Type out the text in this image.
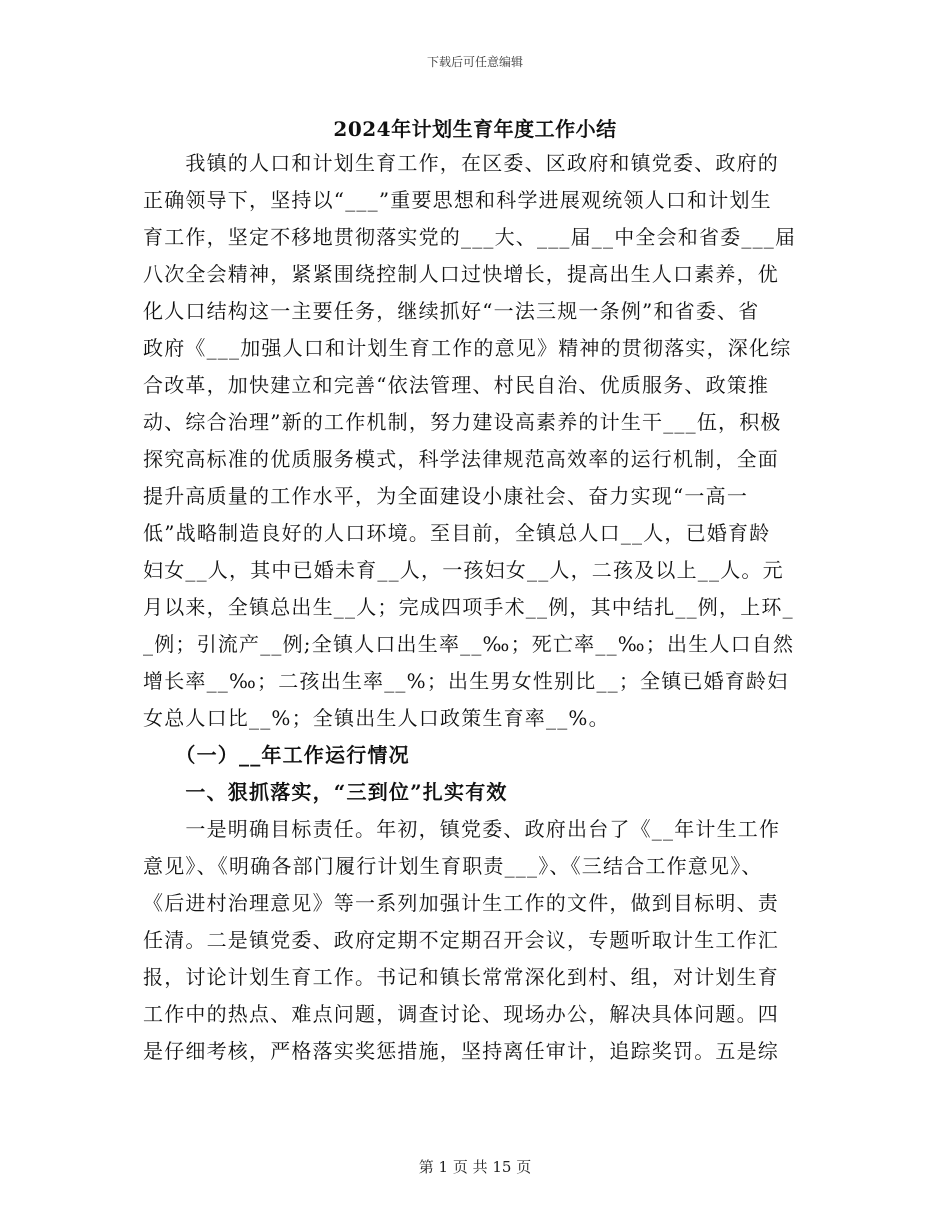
下载后可任意编辑
2024年计划生育年度工作小结
　　我镇的人口和计划生育工作，在区委、区政府和镇党委、政府的
正确领导下，坚持以“___”重要思想和科学进展观统领人口和计划生
育工作，坚定不移地贯彻落实党的___大、___届__中全会和省委___届
八次全会精神，紧紧围绕控制人口过快增长，提高出生人口素养，优
化人口结构这一主要任务，继续抓好“一法三规一条例”和省委、省
政府《___加强人口和计划生育工作的意见》精神的贯彻落实，深化综
合改革，加快建立和完善“依法管理、村民自治、优质服务、政策推
动、综合治理”新的工作机制，努力建设高素养的计生干___伍，积极
探究高标准的优质服务模式，科学法律规范高效率的运行机制，全面
提升高质量的工作水平，为全面建设小康社会、奋力实现“一高一
低”战略制造良好的人口环境。至目前，全镇总人口__人，已婚育龄
妇女__人，其中已婚未育__人，一孩妇女__人，二孩及以上__人。元
月以来，全镇总出生__人；完成四项手术__例，其中结扎__例，上环_
_例；引流产__例;全镇人口出生率__‰；死亡率__‰；出生人口自然
增长率__‰；二孩出生率__%；出生男女性别比__；全镇已婚育龄妇
女总人口比__%；全镇出生人口政策生育率__%。
　　（一）__年工作运行情况
　　一、狠抓落实，“三到位”扎实有效
　　一是明确目标责任。年初，镇党委、政府出台了《__年计生工作
意见》、《明确各部门履行计划生育职责___》、《三结合工作意见》、
《后进村治理意见》等一系列加强计生工作的文件，做到目标明、责
任清。二是镇党委、政府定期不定期召开会议，专题听取计生工作汇
报，讨论计划生育工作。书记和镇长常常深化到村、组，对计划生育
工作中的热点、难点问题，调查讨论、现场办公，解决具体问题。四
是仔细考核，严格落实奖惩措施，坚持离任审计，追踪奖罚。五是综
第 1 页 共 15 页
